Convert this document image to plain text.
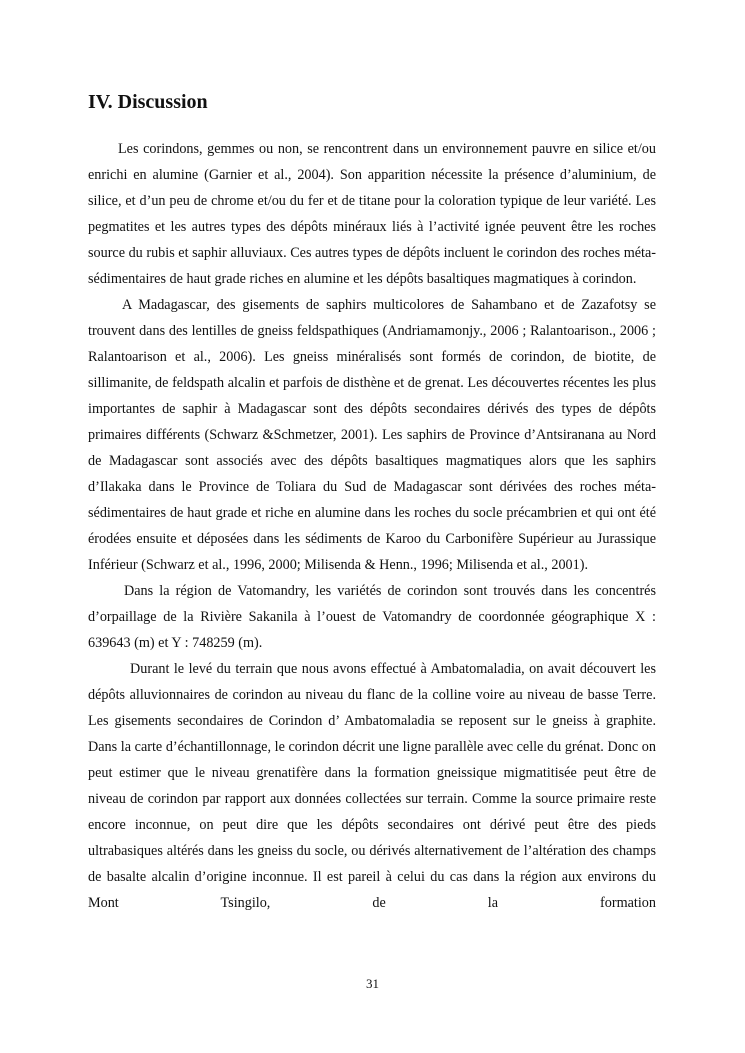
IV. Discussion

Les corindons, gemmes ou non, se rencontrent dans un environnement pauvre en silice et/ou enrichi en alumine (Garnier et al., 2004). Son apparition nécessite la présence d’aluminium, de silice, et d’un peu de chrome et/ou du fer et de titane pour la coloration typique de leur variété. Les pegmatites et les autres types des dépôts minéraux liés à l’activité ignée peuvent être les roches source du rubis et saphir alluviaux. Ces autres types de dépôts incluent le corindon des roches méta-sédimentaires de haut grade riches en alumine et les dépôts basaltiques magmatiques à corindon.

A Madagascar, des gisements de saphirs multicolores de Sahambano et de Zazafotsy se trouvent dans des lentilles de gneiss feldspathiques (Andriamamonjy., 2006 ; Ralantoarison., 2006 ; Ralantoarison et al., 2006). Les gneiss minéralisés sont formés de corindon, de biotite, de sillimanite, de feldspath alcalin et parfois de disthène et de grenat. Les découvertes récentes les plus importantes de saphir à Madagascar sont des dépôts secondaires dérivés des types de dépôts primaires différents (Schwarz &Schmetzer, 2001). Les saphirs de Province d’Antsiranana au Nord de Madagascar sont associés avec des dépôts basaltiques magmatiques alors que les saphirs d’Ilakaka dans le Province de Toliara du Sud de Madagascar sont dérivées des roches méta-sédimentaires de haut grade et riche en alumine dans les roches du socle précambrien et qui ont été érodées ensuite et déposées dans les sédiments de Karoo du Carbonifère Supérieur au Jurassique Inférieur (Schwarz et al., 1996, 2000; Milisenda & Henn., 1996; Milisenda et al., 2001).

Dans la région de Vatomandry, les variétés de corindon sont trouvés dans les concentrés d’orpaillage de la Rivière Sakanila à l’ouest de Vatomandry de coordonnée géographique X : 639643 (m) et Y : 748259 (m).

Durant le levé du terrain que nous avons effectué à Ambatomaladia, on avait découvert les dépôts alluvionnaires de corindon au niveau du flanc de la colline voire au niveau de basse Terre. Les gisements secondaires de Corindon d’ Ambatomaladia se reposent sur le gneiss à graphite. Dans la carte d’échantillonnage, le corindon décrit une ligne parallèle avec celle du grénat. Donc on peut estimer que le niveau grenatifère dans la formation gneissique migmatitisée peut être de niveau de corindon par rapport aux données collectées sur terrain. Comme la source primaire reste encore inconnue, on peut dire que les dépôts secondaires ont dérivé peut être des pieds ultrabasiques altérés dans les gneiss du socle, ou dérivés alternativement de l’altération des champs de basalte alcalin d’origine inconnue. Il est pareil à celui du cas dans la région aux environs du Mont Tsingilo, de la formation

31
